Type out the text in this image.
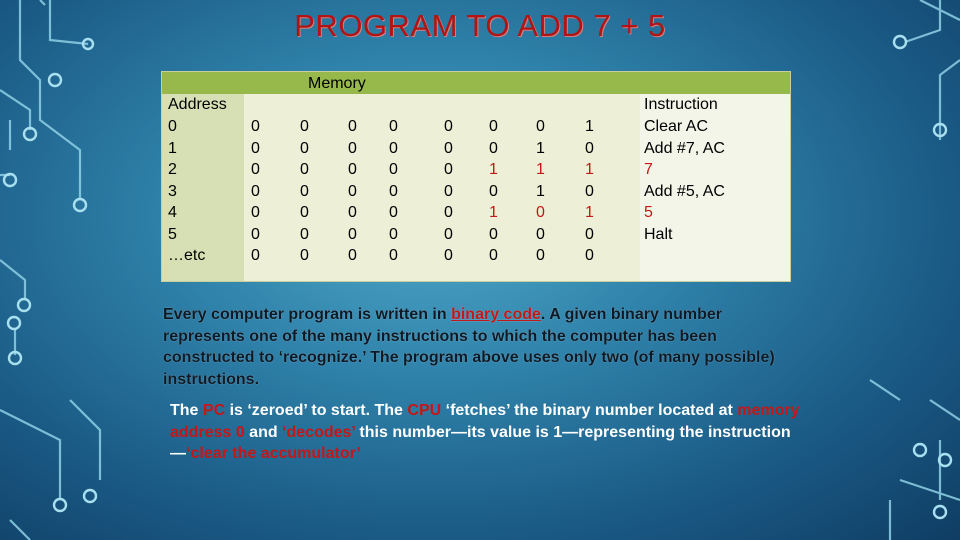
PROGRAM TO ADD 7 + 5
Memory
Address	Instruction
0	0	0 0 0	0 0 0	1	Clear AC
1	0	0 0 0	0 0 1	0	Add #7, AC
2	0	0 0 0	0 1 1	1	7
3	0	0 0 0	0 0 1	0	Add #5, AC
4	0	0 0 0	0 1 0	1	5
5	0	0 0 0	0 0 0	0	Halt
…etc	0	0 0 0	0 0 0	0
Every computer program is written in binary code. A given binary number represents one of the many instructions to which the computer has been constructed to ‘recognize.’ The program above uses only two (of many possible) instructions.
The PC is ‘zeroed’ to start. The CPU ‘fetches’ the binary number located at memory address 0 and ‘decodes’ this number—its value is 1—representing the instruction—‘clear the accumulator’
